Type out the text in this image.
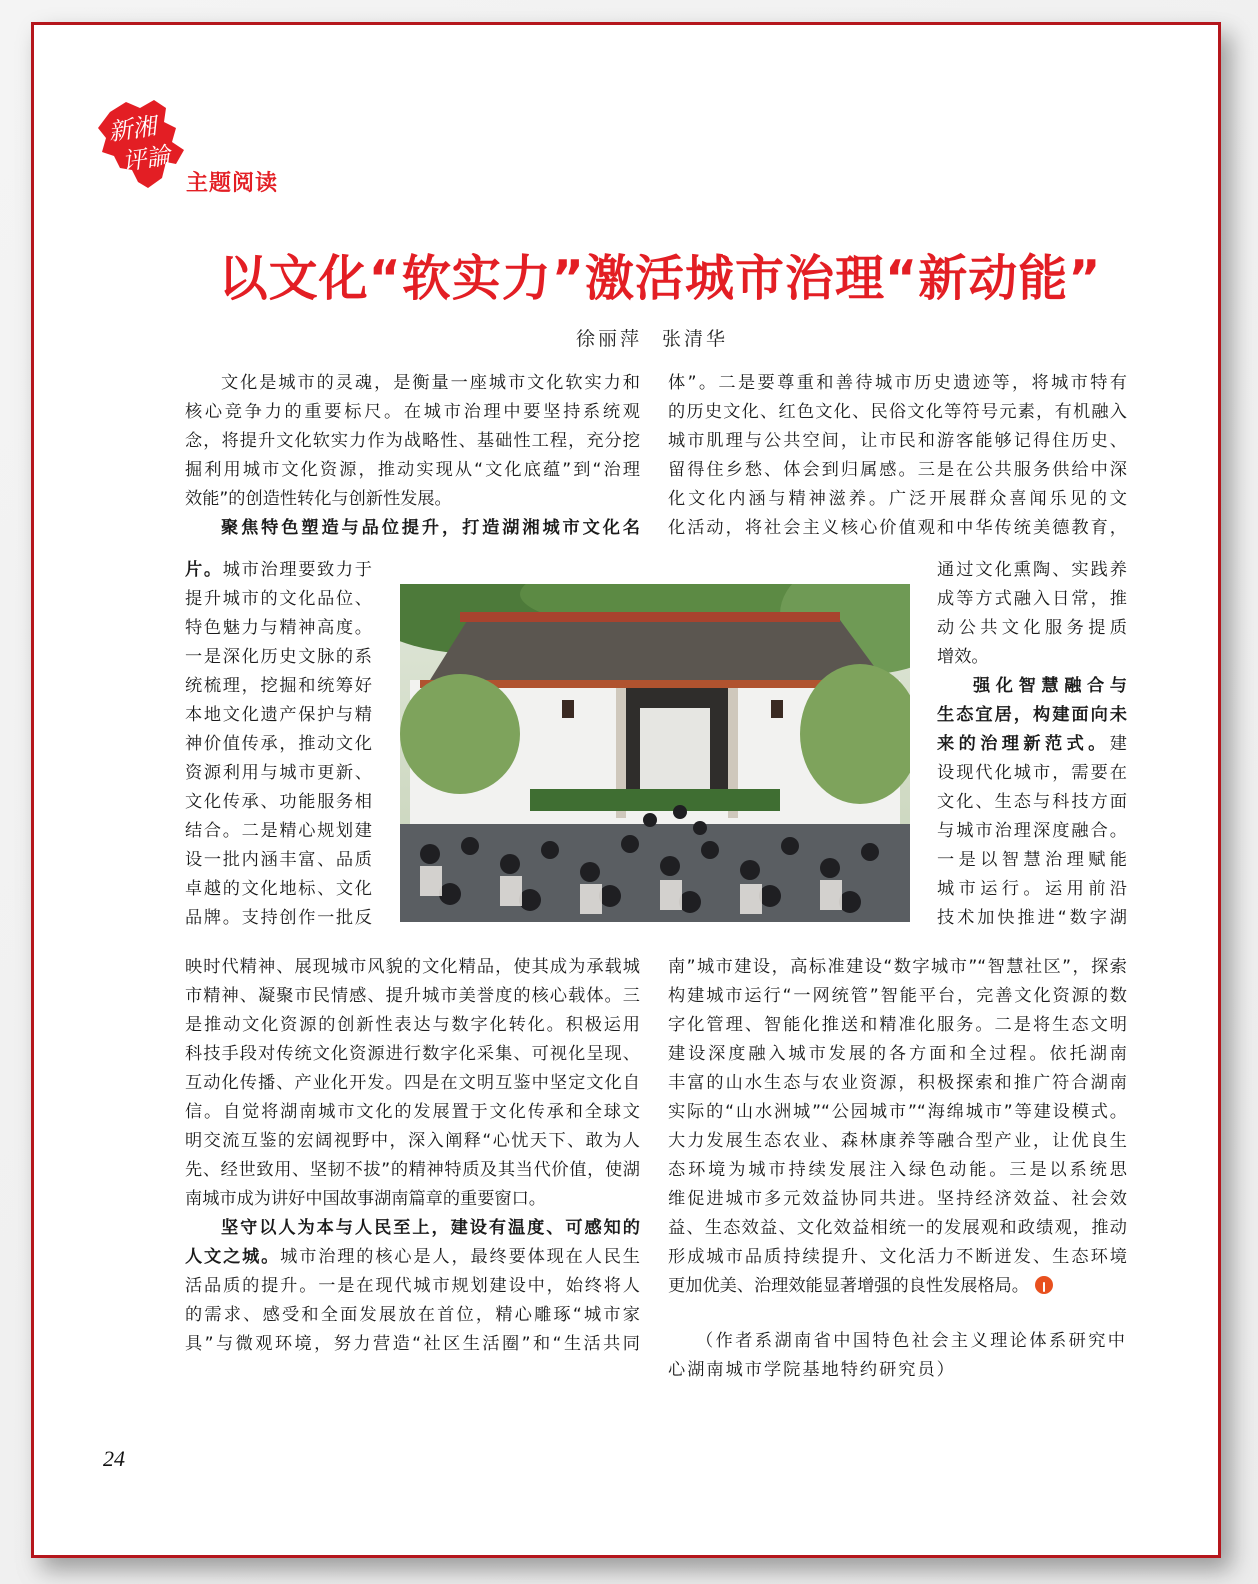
新湘
评論
主题阅读
以文化“软实力”激活城市治理“新动能”
徐丽萍 张清华
文化是城市的灵魂，是衡量一座城市文化软实力和
核心竞争力的重要标尺。在城市治理中要坚持系统观
念，将提升文化软实力作为战略性、基础性工程，充分挖
掘利用城市文化资源，推动实现从“文化底蕴”到“治理
效能”的创造性转化与创新性发展。
聚焦特色塑造与品位提升，打造湖湘城市文化名
片。城市治理要致力于
提升城市的文化品位、
特色魅力与精神高度。
一是深化历史文脉的系
统梳理，挖掘和统筹好
本地文化遗产保护与精
神价值传承，推动文化
资源利用与城市更新、
文化传承、功能服务相
结合。二是精心规划建
设一批内涵丰富、品质
卓越的文化地标、文化
品牌。支持创作一批反
映时代精神、展现城市风貌的文化精品，使其成为承载城
市精神、凝聚市民情感、提升城市美誉度的核心载体。三
是推动文化资源的创新性表达与数字化转化。积极运用
科技手段对传统文化资源进行数字化采集、可视化呈现、
互动化传播、产业化开发。四是在文明互鉴中坚定文化自
信。自觉将湖南城市文化的发展置于文化传承和全球文
明交流互鉴的宏阔视野中，深入阐释“心忧天下、敢为人
先、经世致用、坚韧不拔”的精神特质及其当代价值，使湖
南城市成为讲好中国故事湖南篇章的重要窗口。
坚守以人为本与人民至上，建设有温度、可感知的
人文之城。城市治理的核心是人，最终要体现在人民生
活品质的提升。一是在现代城市规划建设中，始终将人
的需求、感受和全面发展放在首位，精心雕琢“城市家
具”与微观环境，努力营造“社区生活圈”和“生活共同
体”。二是要尊重和善待城市历史遗迹等，将城市特有
的历史文化、红色文化、民俗文化等符号元素，有机融入
城市肌理与公共空间，让市民和游客能够记得住历史、
留得住乡愁、体会到归属感。三是在公共服务供给中深
化文化内涵与精神滋养。广泛开展群众喜闻乐见的文
化活动，将社会主义核心价值观和中华传统美德教育，
通过文化熏陶、实践养
成等方式融入日常，推
动公共文化服务提质
增效。
强化智慧融合与
生态宜居，构建面向未
来的治理新范式。建
设现代化城市，需要在
文化、生态与科技方面
与城市治理深度融合。
一是以智慧治理赋能
城市运行。运用前沿
技术加快推进“数字湖
南”城市建设，高标准建设“数字城市”“智慧社区”，探索
构建城市运行“一网统管”智能平台，完善文化资源的数
字化管理、智能化推送和精准化服务。二是将生态文明
建设深度融入城市发展的各方面和全过程。依托湖南
丰富的山水生态与农业资源，积极探索和推广符合湖南
实际的“山水洲城”“公园城市”“海绵城市”等建设模式。
大力发展生态农业、森林康养等融合型产业，让优良生
态环境为城市持续发展注入绿色动能。三是以系统思
维促进城市多元效益协同共进。坚持经济效益、社会效
益、生态效益、文化效益相统一的发展观和政绩观，推动
形成城市品质持续提升、文化活力不断迸发、生态环境
更加优美、治理效能显著增强的良性发展格局。
（作者系湖南省中国特色社会主义理论体系研究中
心湖南城市学院基地特约研究员）
24
